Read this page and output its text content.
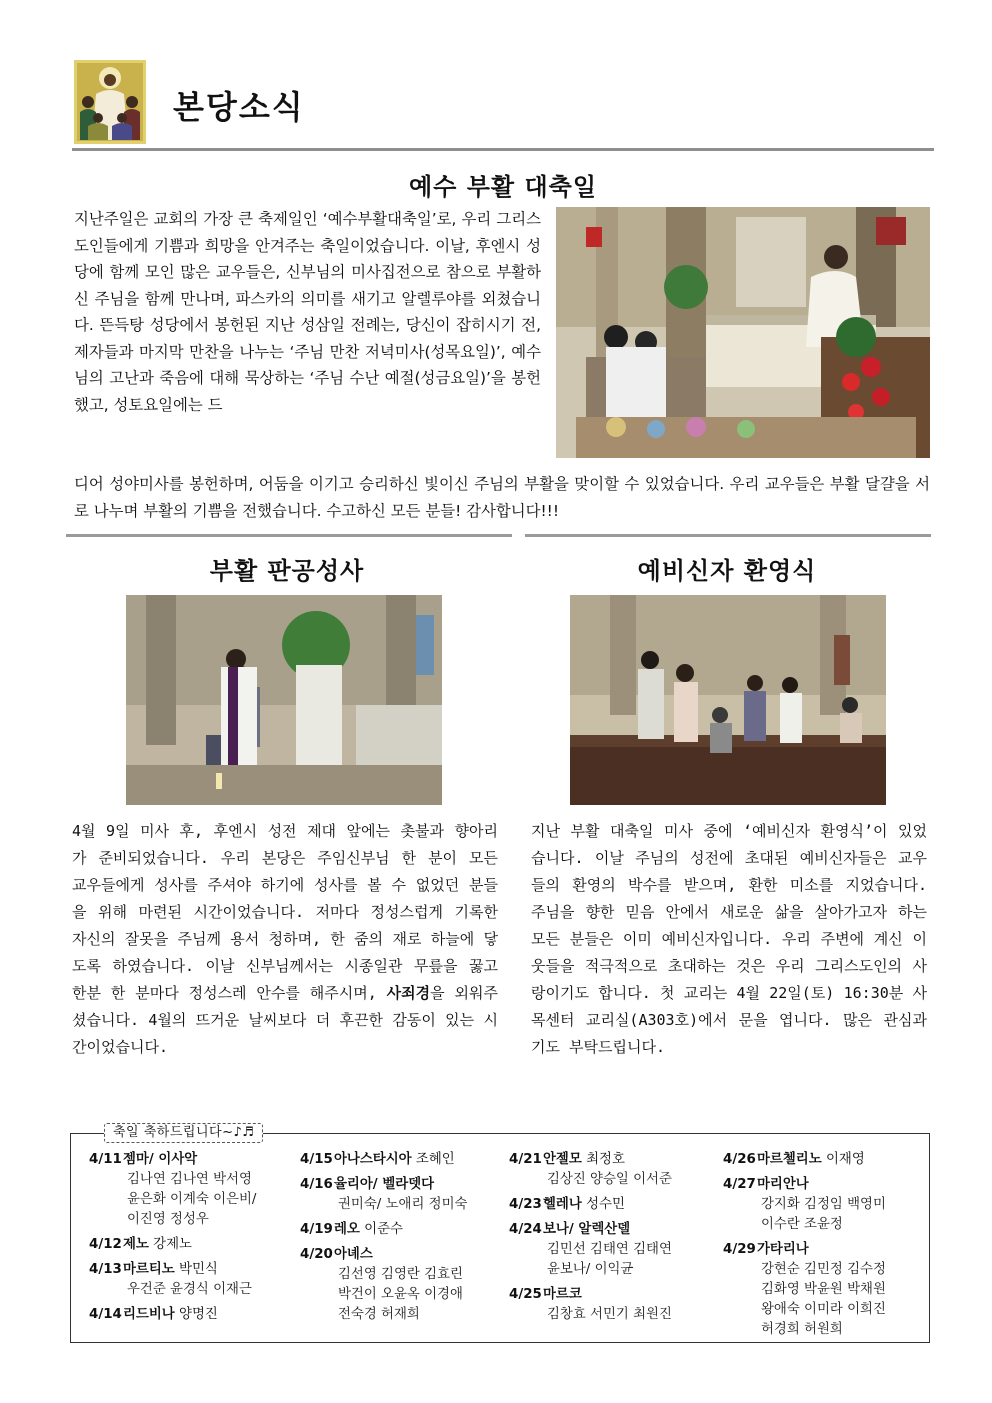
본당소식
예수 부활 대축일
지난주일은 교회의 가장 큰 축제일인 ‘예수부활대축일’로, 우리 그리스도인들에게 기쁨과 희망을 안겨주는 축일이었습니다. 이날, 후엔시 성당에 함께 모인 많은 교우들은, 신부님의 미사집전으로 참으로 부활하신 주님을 함께 만나며, 파스카의 의미를 새기고 알렐루야를 외쳤습니다. 뜬득탕 성당에서 봉헌된 지난 성삼일 전례는, 당신이 잡히시기 전, 제자들과 마지막 만찬을 나누는 ‘주님 만찬 저녁미사(성목요일)’, 예수님의 고난과 죽음에 대해 묵상하는 ‘주님 수난 예절(성금요일)’을 봉헌했고, 성토요일에는 드
디어 성야미사를 봉헌하며, 어둠을 이기고 승리하신 빛이신 주님의 부활을 맞이할 수 있었습니다. 우리 교우들은 부활 달걀을 서로 나누며 부활의 기쁨을 전했습니다. 수고하신 모든 분들! 감사합니다!!!
부활 판공성사
4월 9일 미사 후, 후엔시 성전 제대 앞에는 촛불과 향아리가 준비되었습니다. 우리 본당은 주임신부님 한 분이 모든 교우들에게 성사를 주셔야 하기에 성사를 볼 수 없었던 분들을 위해 마련된 시간이었습니다. 저마다 정성스럽게 기록한 자신의 잘못을 주님께 용서 청하며, 한 줌의 재로 하늘에 닿도록 하였습니다. 이날 신부님께서는 시종일관 무릎을 꿇고 한분 한 분마다 정성스레 안수를 해주시며, 사죄경을 외워주셨습니다. 4월의 뜨거운 날씨보다 더 후끈한 감동이 있는 시간이었습니다.
예비신자 환영식
지난 부활 대축일 미사 중에 ‘예비신자 환영식’이 있었습니다. 이날 주님의 성전에 초대된 예비신자들은 교우들의 환영의 박수를 받으며, 환한 미소를 지었습니다. 주님을 향한 믿음 안에서 새로운 삶을 살아가고자 하는 모든 분들은 이미 예비신자입니다. 우리 주변에 계신 이웃들을 적극적으로 초대하는 것은 우리 그리스도인의 사랑이기도 합니다. 첫 교리는 4월 22일(토) 16:30분 사목센터 교리실(A303호)에서 문을 엽니다. 많은 관심과 기도 부탁드립니다.
축일 축하드립니다~♪♬
4/11젬마/ 이사악
김나연 김나연 박서영
윤은화 이계숙 이은비/
이진영 정성우
4/12제노 강제노
4/13마르티노 박민식
우건준 윤경식 이재근
4/14리드비나 양명진
4/15아나스타시아 조혜인
4/16율리아/ 벨라뎃다
권미숙/ 노애리 정미숙
4/19레오 이준수
4/20아녜스
김선영 김영란 김효린
박건이 오윤옥 이경애
전숙경 허재희
4/21안젤모 최정호
김상진 양승일 이서준
4/23헬레나 성수민
4/24보나/ 알렉산델
김민선 김태연 김태연
윤보나/ 이익균
4/25마르코
김창효 서민기 최원진
4/26마르첼리노 이재영
4/27마리안나
강지화 김정임 백영미
이수란 조윤정
4/29가타리나
강현순 김민정 김수정
김화영 박윤원 박채원
왕애숙 이미라 이희진
허경희 허원희
